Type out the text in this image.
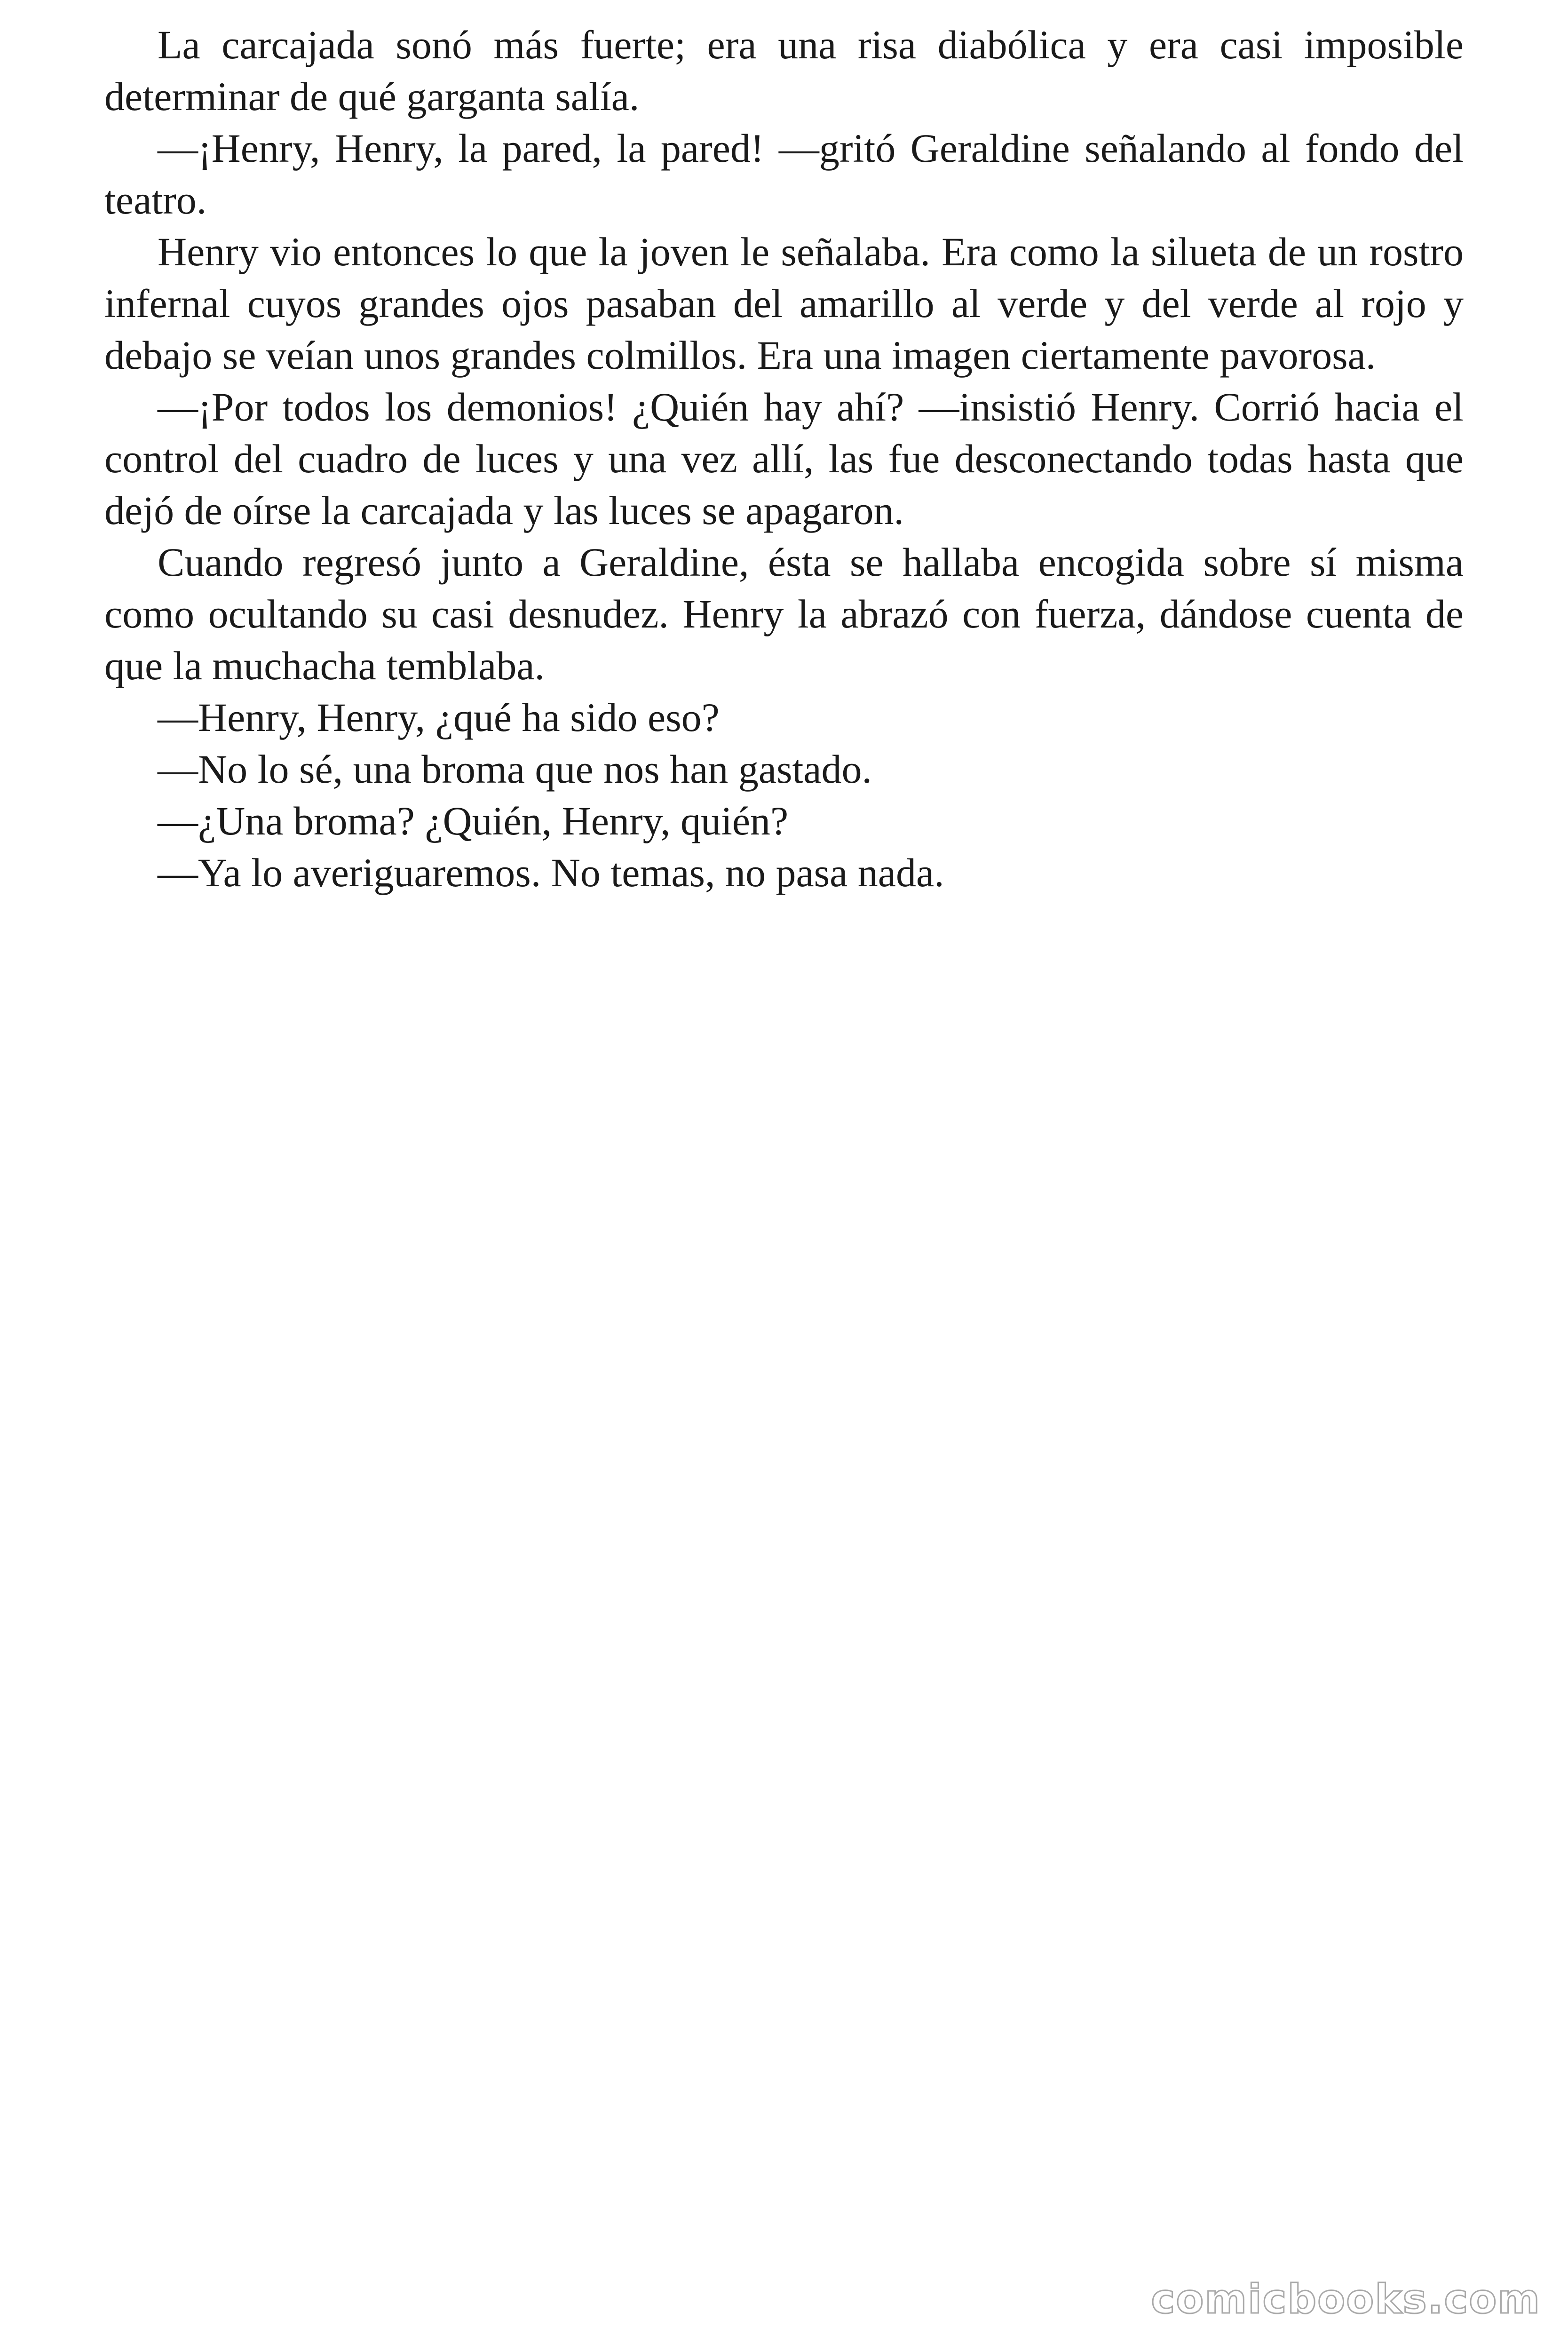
La carcajada sonó más fuerte; era una risa diabólica y era casi imposible determinar de qué garganta salía.

—¡Henry, Henry, la pared, la pared! —gritó Geraldine señalando al fondo del teatro.

Henry vio entonces lo que la joven le señalaba. Era como la silueta de un rostro infernal cuyos grandes ojos pasaban del amarillo al verde y del verde al rojo y debajo se veían unos grandes colmillos. Era una imagen ciertamente pavorosa.

—¡Por todos los demonios! ¿Quién hay ahí? —insistió Henry. Corrió hacia el control del cuadro de luces y una vez allí, las fue desconectando todas hasta que dejó de oírse la carcajada y las luces se apagaron.

Cuando regresó junto a Geraldine, ésta se hallaba encogida sobre sí misma como ocultando su casi desnudez. Henry la abrazó con fuerza, dándose cuenta de que la muchacha temblaba.

—Henry, Henry, ¿qué ha sido eso?

—No lo sé, una broma que nos han gastado.

—¿Una broma? ¿Quién, Henry, quién?

—Ya lo averiguaremos. No temas, no pasa nada.

comicbooks.com
